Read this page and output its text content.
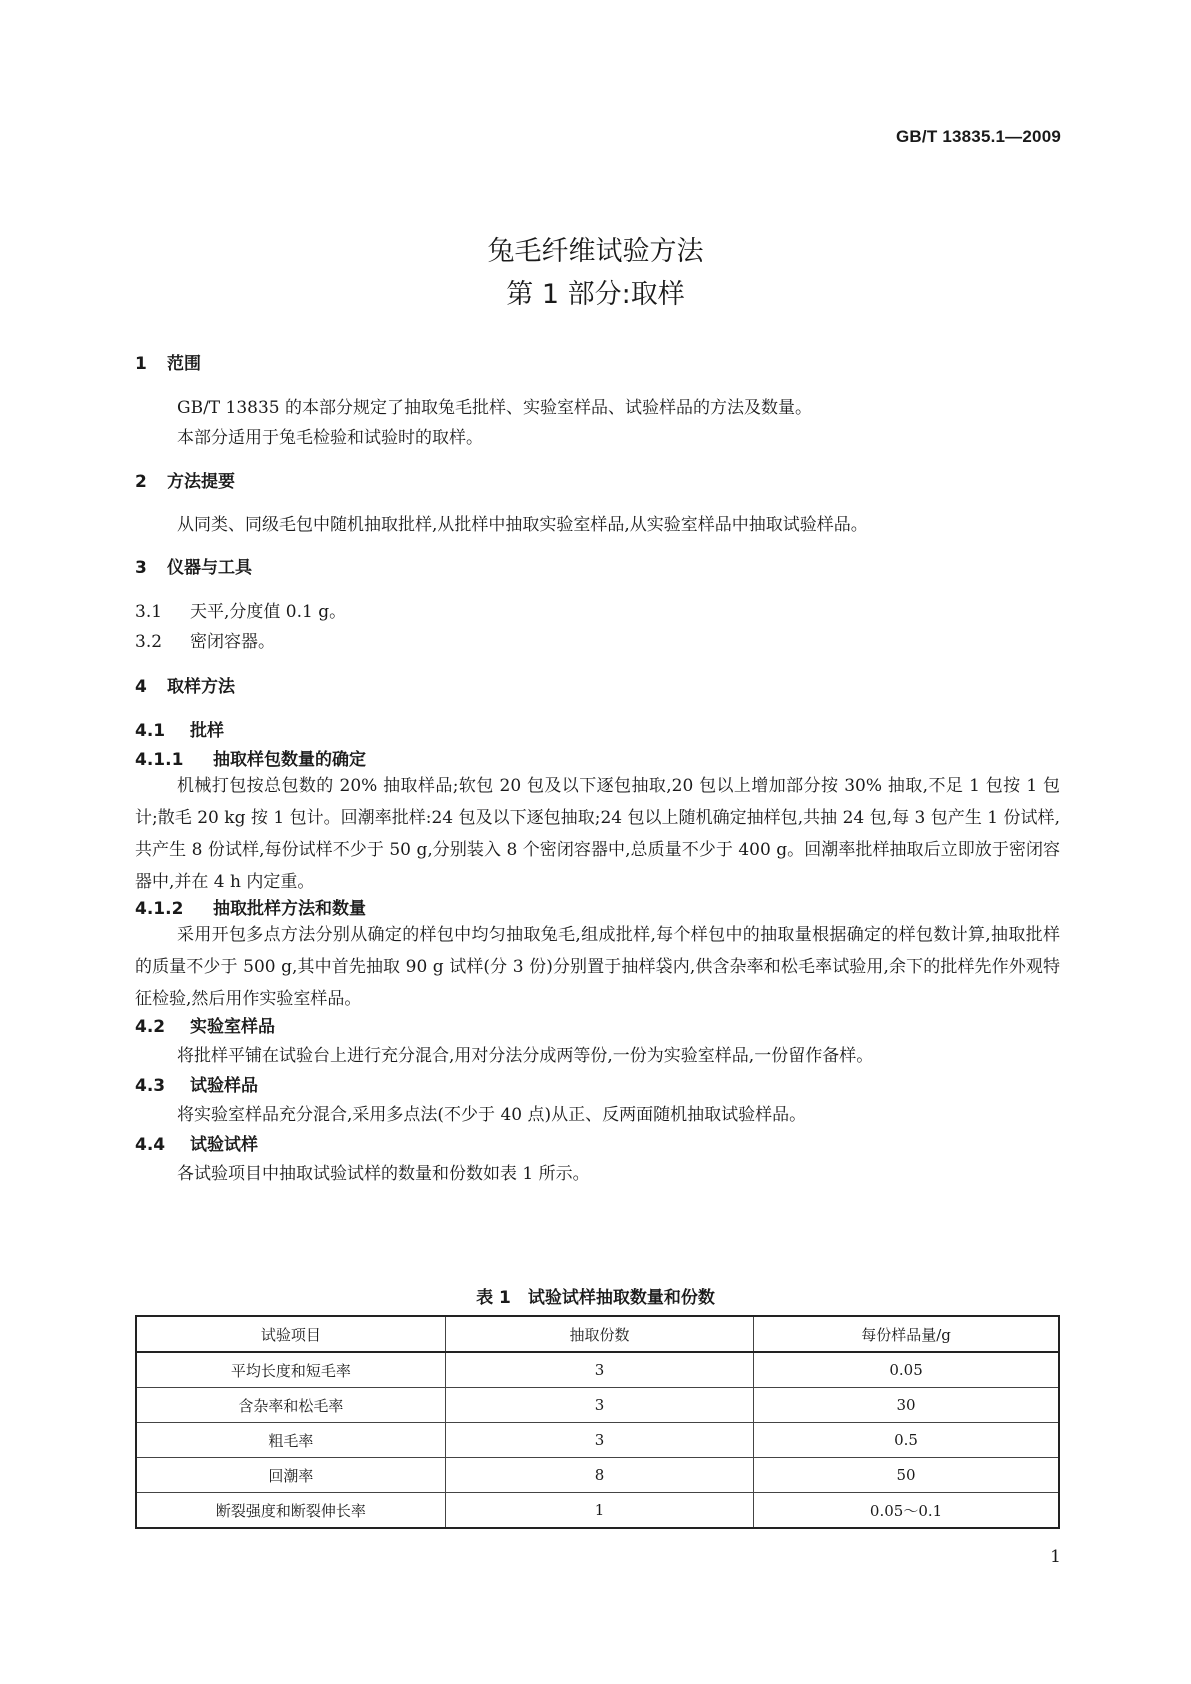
GB/T 13835.1—2009
兔毛纤维试验方法
第 1 部分:取样
1 范围
GB/T 13835 的本部分规定了抽取兔毛批样、实验室样品、试验样品的方法及数量。
本部分适用于兔毛检验和试验时的取样。
2 方法提要
从同类、同级毛包中随机抽取批样,从批样中抽取实验室样品,从实验室样品中抽取试验样品。
3 仪器与工具
3.1 天平,分度值 0.1 g。
3.2 密闭容器。
4 取样方法
4.1 批样
4.1.1 抽取样包数量的确定
机械打包按总包数的 20% 抽取样品;软包 20 包及以下逐包抽取,20 包以上增加部分按 30% 抽取,不足 1 包按 1 包计;散毛 20 kg 按 1 包计。回潮率批样:24 包及以下逐包抽取;24 包以上随机确定抽样包,共抽 24 包,每 3 包产生 1 份试样,共产生 8 份试样,每份试样不少于 50 g,分别装入 8 个密闭容器中,总质量不少于 400 g。回潮率批样抽取后立即放于密闭容器中,并在 4 h 内定重。
4.1.2 抽取批样方法和数量
采用开包多点方法分别从确定的样包中均匀抽取兔毛,组成批样,每个样包中的抽取量根据确定的样包数计算,抽取批样的质量不少于 500 g,其中首先抽取 90 g 试样(分 3 份)分别置于抽样袋内,供含杂率和松毛率试验用,余下的批样先作外观特征检验,然后用作实验室样品。
4.2 实验室样品
将批样平铺在试验台上进行充分混合,用对分法分成两等份,一份为实验室样品,一份留作备样。
4.3 试验样品
将实验室样品充分混合,采用多点法(不少于 40 点)从正、反两面随机抽取试验样品。
4.4 试验试样
各试验项目中抽取试验试样的数量和份数如表 1 所示。
表 1　试验试样抽取数量和份数
试验项目	抽取份数	每份样品量/g
平均长度和短毛率	3	0.05
含杂率和松毛率	3	30
粗毛率	3	0.5
回潮率	8	50
断裂强度和断裂伸长率	1	0.05～0.1
1
